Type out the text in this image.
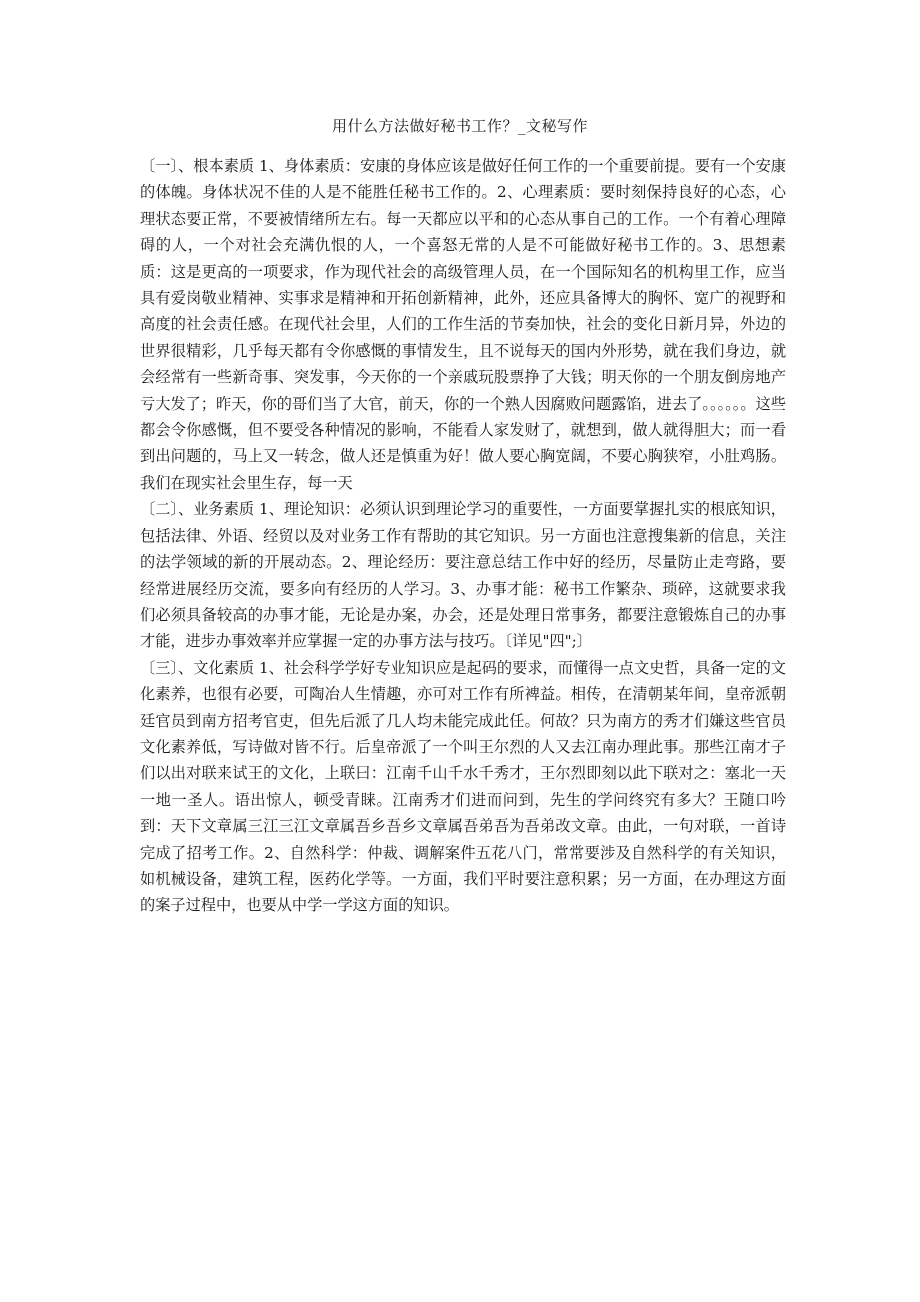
用什么方法做好秘书工作？_文秘写作

〔一〕、根本素质 1、身体素质：安康的身体应该是做好任何工作的一个重要前提。要有一个安康的体魄。身体状况不佳的人是不能胜任秘书工作的。2、心理素质：要时刻保持良好的心态，心理状态要正常，不要被情绪所左右。每一天都应以平和的心态从事自己的工作。一个有着心理障碍的人，一个对社会充满仇恨的人，一个喜怒无常的人是不可能做好秘书工作的。3、思想素质：这是更高的一项要求，作为现代社会的高级管理人员，在一个国际知名的机构里工作，应当具有爱岗敬业精神、实事求是精神和开拓创新精神，此外，还应具备博大的胸怀、宽广的视野和高度的社会责任感。在现代社会里，人们的工作生活的节奏加快，社会的变化日新月异，外边的世界很精彩，几乎每天都有令你感慨的事情发生，且不说每天的国内外形势，就在我们身边，就会经常有一些新奇事、突发事，今天你的一个亲戚玩股票挣了大钱；明天你的一个朋友倒房地产亏大发了；昨天，你的哥们当了大官，前天，你的一个熟人因腐败问题露馅，进去了。。。。。。这些都会令你感慨，但不要受各种情况的影响，不能看人家发财了，就想到，做人就得胆大；而一看到出问题的，马上又一转念，做人还是慎重为好！做人要心胸宽阔，不要心胸狭窄，小肚鸡肠。我们在现实社会里生存，每一天

〔二〕、业务素质 1、理论知识：必须认识到理论学习的重要性，一方面要掌握扎实的根底知识，包括法律、外语、经贸以及对业务工作有帮助的其它知识。另一方面也注意搜集新的信息，关注的法学领域的新的开展动态。2、理论经历：要注意总结工作中好的经历，尽量防止走弯路，要经常进展经历交流，要多向有经历的人学习。3、办事才能：秘书工作繁杂、琐碎，这就要求我们必须具备较高的办事才能，无论是办案，办会，还是处理日常事务，都要注意锻炼自己的办事才能，进步办事效率并应掌握一定的办事方法与技巧。〔详见"四";〕

〔三〕、文化素质 1、社会科学学好专业知识应是起码的要求，而懂得一点文史哲，具备一定的文化素养，也很有必要，可陶冶人生情趣，亦可对工作有所裨益。相传，在清朝某年间，皇帝派朝廷官员到南方招考官吏，但先后派了几人均未能完成此任。何故？只为南方的秀才们嫌这些官员文化素养低，写诗做对皆不行。后皇帝派了一个叫王尔烈的人又去江南办理此事。那些江南才子们以出对联来试王的文化，上联曰：江南千山千水千秀才，王尔烈即刻以此下联对之：塞北一天一地一圣人。语出惊人，顿受青睐。江南秀才们进而问到，先生的学问终究有多大？王随口吟到：天下文章属三江三江文章属吾乡吾乡文章属吾弟吾为吾弟改文章。由此，一句对联，一首诗完成了招考工作。2、自然科学：仲裁、调解案件五花八门，常常要涉及自然科学的有关知识，如机械设备，建筑工程，医药化学等。一方面，我们平时要注意积累；另一方面，在办理这方面的案子过程中，也要从中学一学这方面的知识。
